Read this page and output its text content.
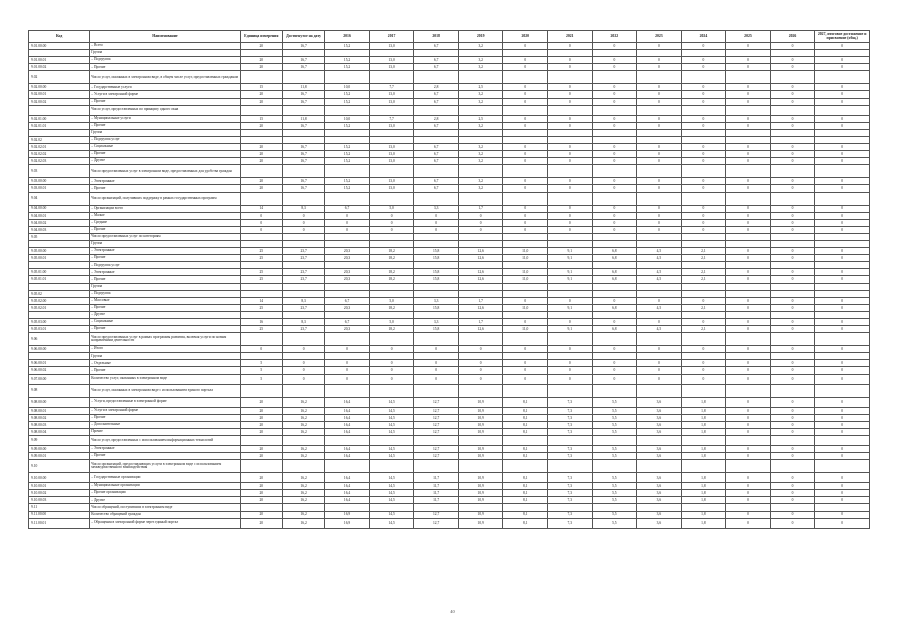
Код	Наименование	Единица измерения	Достигнутое на дату	2016	2017	2018	2019	2020	2021	2022	2023	2024	2025	2026	2027, итоговое достижение и присвоение (общ.)
9.01.00.00	– Всего	20	16,7	15,2	13,0	6,7	3,2	0	0	0	0	0	0	0	0
	Группа														
9.01.00.01	– Подгруппа	20	16,7	15,2	13,0	6,7	3,2	0	0	0	0	0	0	0	0
9.01.00.02	– Прочие	20	16,7	15,2	13,0	6,7	3,2	0	0	0	0	0	0	0	0
9.02	Число услуг, оказанных в электронном виде, в общем числе услуг, предоставленных гражданам														
9.02.00.00	– Государственные услуги	15	11,8	10,0	7,7	2,8	2,5	0	0	0	0	0	0	0	0
9.02.00.01	– Услуги в электронной форме	20	16,7	15,2	13,0	6,7	3,2	0	0	0	0	0	0	0	0
9.02.00.02	– Прочие	20	16,7	15,2	13,0	6,7	3,2	0	0	0	0	0	0	0	0
	Число услуг, предоставленных по принципу одного окна														
9.02.01.00	– Муниципальные услуги	15	11,8	10,0	7,7	2,8	2,5	0	0	0	0	0	0	0	0
9.02.01.01	– Прочие	20	16,7	15,2	13,0	6,7	3,2	0	0	0	0	0	0	0	0
	Группа														
9.02.02	– Подгруппа услуг														
9.02.02.01	– Социальные	20	16,7	15,2	13,0	6,7	3,2	0	0	0	0	0	0	0	0
9.02.02.02	– Прочие	20	16,7	15,2	13,0	6,7	3,2	0	0	0	0	0	0	0	0
9.02.02.03	– Другие	20	16,7	15,2	13,0	6,7	3,2	0	0	0	0	0	0	0	0
9.03	Число предоставленных услуг в электронном виде, предоставленных для удобства граждан														
9.03.00.00	– Электронные	20	16,7	15,2	13,0	6,7	3,2	0	0	0	0	0	0	0	0
9.03.00.01	– Прочие	20	16,7	15,2	13,0	6,7	3,2	0	0	0	0	0	0	0	0
9.04	Число организаций, получивших поддержку в рамках государственных программ														
9.04.00.00	– Организации всего	14	8,3	6,7	5,0	3,3	1,7	0	0	0	0	0	0	0	0
9.04.00.01	– Малые	0	0	0	0	0	0	0	0	0	0	0	0	0	0
9.04.00.02	– Средние	0	0	0	0	0	0	0	0	0	0	0	0	0	0
9.04.00.03	– Прочие	0	0	0	0	0	0	0	0	0	0	0	0	0	0
9.05	Число предоставленных услуг по категориям														
	Группа														
9.05.00.00	– Электронные	25	23,7	20,3	18,2	15,8	12,6	11,0	9,1	6,8	4,5	2,1	0	0	0
9.05.00.01	– Прочие	25	23,7	20,3	18,2	15,8	12,6	11,0	9,1	6,8	4,5	2,1	0	0	0
	– Подгруппа услуг														
9.05.01.00	– Электронные	25	23,7	20,3	18,2	15,8	12,6	11,0	9,1	6,8	4,5	2,1	0	0	0
9.05.01.01	– Прочие	25	23,7	20,3	18,2	15,8	12,6	11,0	9,1	6,8	4,5	2,1	0	0	0
	Группа														
9.05.02	– Подгруппа														
9.05.02.00	– Массовые	14	8,3	6,7	5,0	3,3	1,7	0	0	0	0	0	0	0	0
9.05.02.01	– Прочие	25	23,7	20,3	18,2	15,8	12,6	11,0	9,1	6,8	4,5	2,1	0	0	0
	– Другие														
9.05.03.00	– Социальные	16	8,3	6,7	5,0	3,3	1,7	0	0	0	0	0	0	0	0
9.05.03.01	– Прочие	25	23,7	20,3	18,2	15,8	12,6	11,0	9,1	6,8	4,5	2,1	0	0	0
9.06	Число предоставленных услуг в рамках программы развития, включая услуги по новым направлениям деятельности														
9.06.00.00	– Итого	0	0	0	0	0	0	0	0	0	0	0	0	0	0
	Группа														
9.06.00.01	– Отдельные	5	0	0	0	0	0	0	0	0	0	0	0	0	0
9.06.00.02	– Прочие	5	0	0	0	0	0	0	0	0	0	0	0	0	0
9.07.00.00	Количество услуг, оказанных в электронном виде	5	0	0	0	0	0	0	0	0	0	0	0	0	0
9.08	Число услуг, оказанных в электронном виде с использованием единого портала														
9.08.00.00	– Услуги, предоставленные в электронной форме	20	16,2	16,4	14,5	12,7	10,9	8,1	7,3	5,5	3,6	1,8	0	0	0
9.08.00.01	– Услуги в электронной форме	20	16,2	16,4	14,5	12,7	10,9	8,1	7,3	5,5	3,6	1,8	0	0	0
9.08.00.02	– Прочие	20	16,2	16,4	14,5	12,7	10,9	8,1	7,3	5,5	3,6	1,8	0	0	0
9.08.00.03	– Дополнительные	20	16,2	16,4	14,5	12,7	10,9	8,1	7,3	5,5	3,6	1,8	0	0	0
9.08.00.04	Прочие	20	16,2	16,4	14,5	12,7	10,9	8,1	7,3	5,5	3,6	1,8	0	0	0
9.09	Число услуг, предоставленных с использованием информационных технологий														
9.09.00.00	– Электронные	20	16,2	16,4	14,5	12,7	10,9	8,1	7,3	5,5	3,6	1,8	0	0	0
9.09.00.01	– Прочие	20	16,2	16,4	14,5	12,7	10,9	8,1	7,3	5,5	3,6	1,8	0	0	0
9.10	Число организаций, предоставляющих услуги в электронном виде с использованием межведомственного взаимодействия														
9.10.00.00	– Государственные организации	20	16,2	16,4	14,5	11,7	10,9	8,1	7,3	5,5	3,6	1,8	0	0	0
9.10.00.01	– Муниципальные организации	20	16,2	16,4	14,5	11,7	10,9	8,1	7,3	5,5	3,6	1,8	0	0	0
9.10.00.02	– Прочие организации	20	16,2	16,4	14,5	11,7	10,9	8,1	7,3	5,5	3,6	1,8	0	0	0
9.10.00.03	– Другие	20	16,2	16,4	14,5	11,7	10,9	8,1	7,3	5,5	3,6	1,8	0	0	0
9.11	Число обращений, поступивших в электронном виде														
9.11.00.00	Количество обращений граждан	20	16,2	16,9	14,5	12,7	10,9	8,1	7,3	5,5	3,6	1,8	0	0	0
9.11.00.01	– Обращения в электронной форме через единый портал	20	16,2	16,9	14,5	12,7	10,9	8,1	7,3	5,5	3,6	1,8	0	0	0
40
